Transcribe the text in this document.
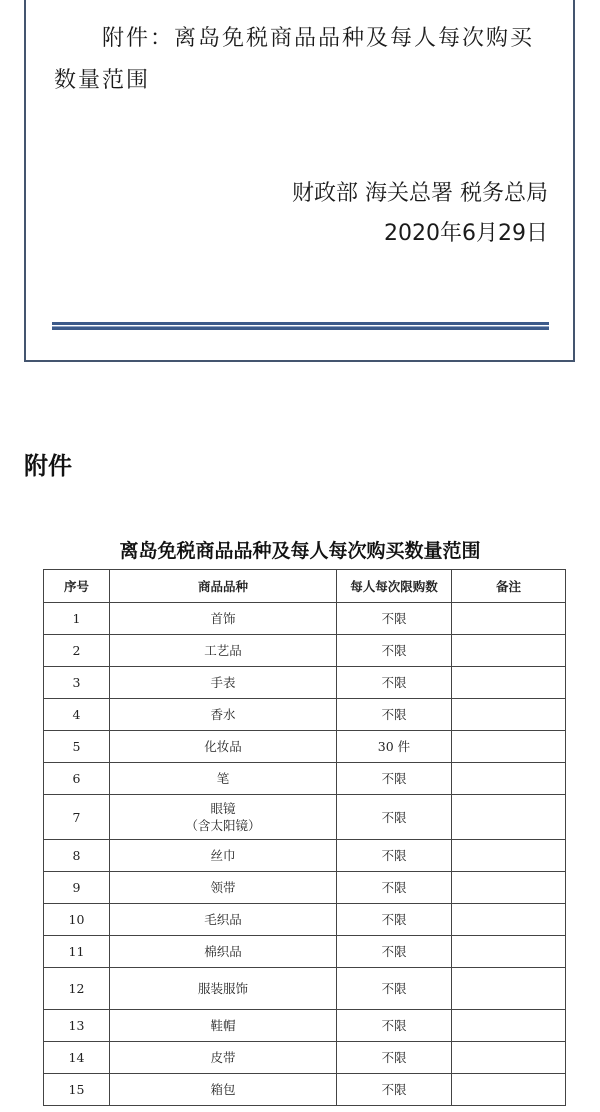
附件：离岛免税商品品种及每人每次购买数量范围

财政部 海关总署 税务总局
2020年6月29日
附件
离岛免税商品品种及每人每次购买数量范围
序号	商品品种	每人每次限购数	备注
1	首饰	不限	
2	工艺品	不限	
3	手表	不限	
4	香水	不限	
5	化妆品	30 件	
6	笔	不限	
7	眼镜
（含太阳镜）	不限	
8	丝巾	不限	
9	领带	不限	
10	毛织品	不限	
11	棉织品	不限	
12	服装服饰	不限	
13	鞋帽	不限	
14	皮带	不限	
15	箱包	不限	
